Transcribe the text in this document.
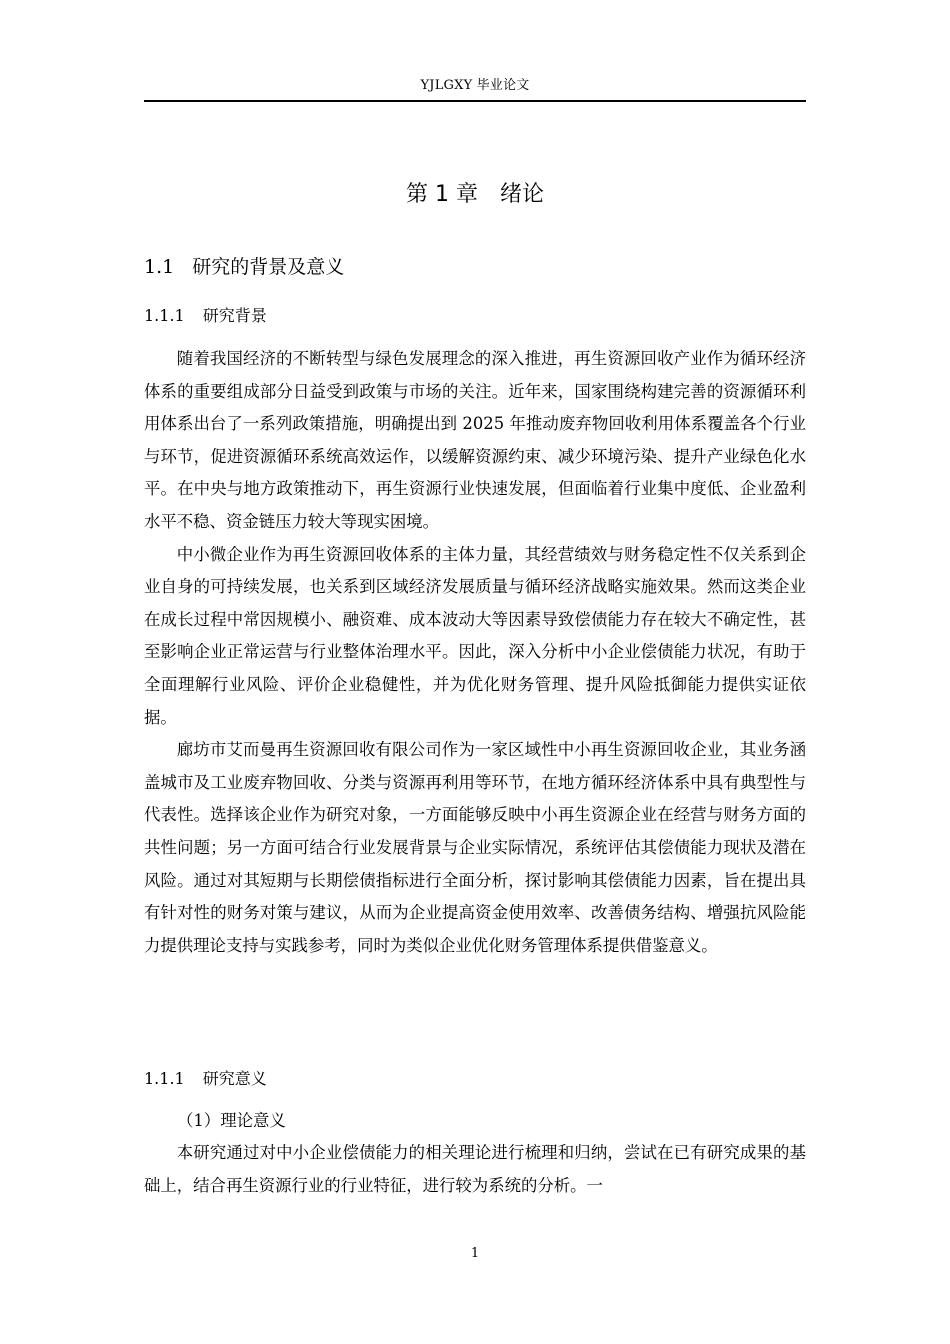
YJLGXY 毕业论文
第 1 章 绪论
1.1 研究的背景及意义
1.1.1 研究背景

随着我国经济的不断转型与绿色发展理念的深入推进，再生资源回收产业作为循环经济体系的重要组成部分日益受到政策与市场的关注。近年来，国家围绕构建完善的资源循环利用体系出台了一系列政策措施，明确提出到 2025 年推动废弃物回收利用体系覆盖各个行业与环节，促进资源循环系统高效运作，以缓解资源约束、减少环境污染、提升产业绿色化水平。在中央与地方政策推动下，再生资源行业快速发展，但面临着行业集中度低、企业盈利水平不稳、资金链压力较大等现实困境。

中小微企业作为再生资源回收体系的主体力量，其经营绩效与财务稳定性不仅关系到企业自身的可持续发展，也关系到区域经济发展质量与循环经济战略实施效果。然而这类企业在成长过程中常因规模小、融资难、成本波动大等因素导致偿债能力存在较大不确定性，甚至影响企业正常运营与行业整体治理水平。因此，深入分析中小企业偿债能力状况，有助于全面理解行业风险、评价企业稳健性，并为优化财务管理、提升风险抵御能力提供实证依据。

廊坊市艾而曼再生资源回收有限公司作为一家区域性中小再生资源回收企业，其业务涵盖城市及工业废弃物回收、分类与资源再利用等环节，在地方循环经济体系中具有典型性与代表性。选择该企业作为研究对象，一方面能够反映中小再生资源企业在经营与财务方面的共性问题；另一方面可结合行业发展背景与企业实际情况，系统评估其偿债能力现状及潜在风险。通过对其短期与长期偿债指标进行全面分析，探讨影响其偿债能力因素，旨在提出具有针对性的财务对策与建议，从而为企业提高资金使用效率、改善债务结构、增强抗风险能力提供理论支持与实践参考，同时为类似企业优化财务管理体系提供借鉴意义。

1.1.1 研究意义
（1）理论意义

本研究通过对中小企业偿债能力的相关理论进行梳理和归纳，尝试在已有研究成果的基础上，结合再生资源行业的行业特征，进行较为系统的分析。一

1
